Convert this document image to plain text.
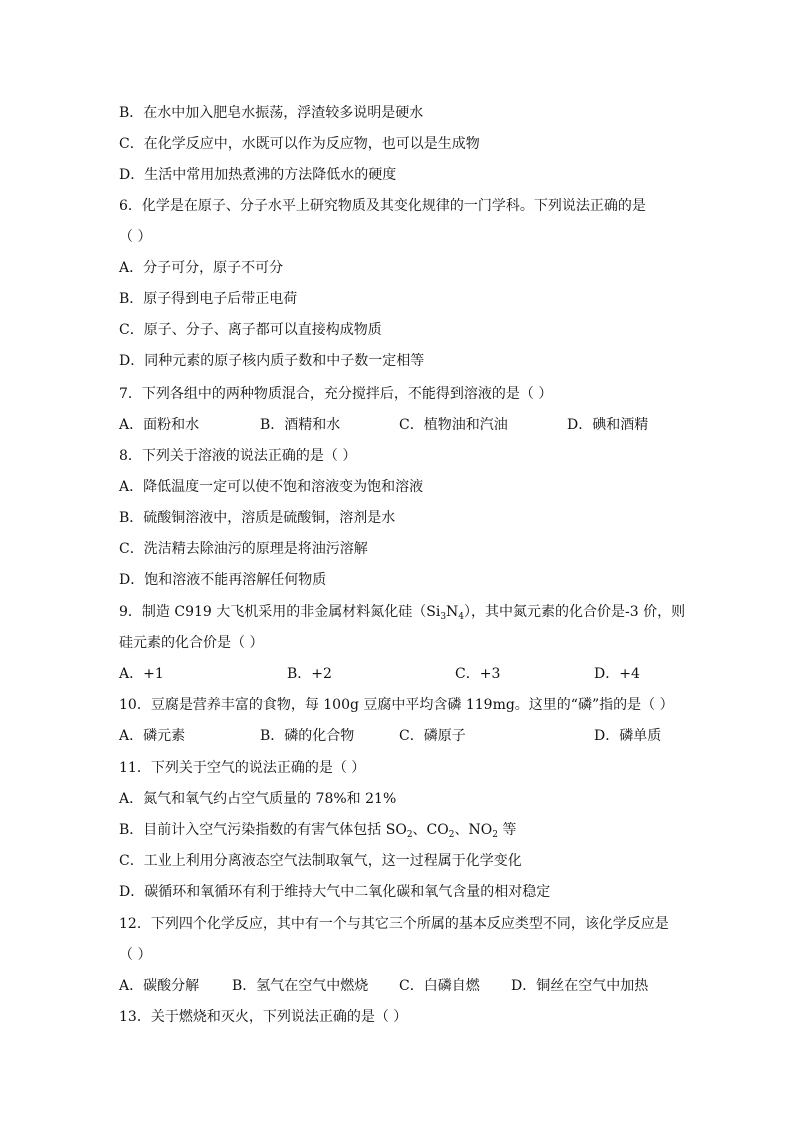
B．在水中加入肥皂水振荡，浮渣较多说明是硬水
C．在化学反应中，水既可以作为反应物，也可以是生成物
D．生活中常用加热煮沸的方法降低水的硬度
6．化学是在原子、分子水平上研究物质及其变化规律的一门学科。下列说法正确的是
（ ）
A．分子可分，原子不可分
B．原子得到电子后带正电荷
C．原子、分子、离子都可以直接构成物质
D．同种元素的原子核内质子数和中子数一定相等
7．下列各组中的两种物质混合，充分搅拌后，不能得到溶液的是（ ）
A．面粉和水	B．酒精和水	C．植物油和汽油	D．碘和酒精
8．下列关于溶液的说法正确的是（ ）
A．降低温度一定可以使不饱和溶液变为饱和溶液
B．硫酸铜溶液中，溶质是硫酸铜，溶剂是水
C．洗洁精去除油污的原理是将油污溶解
D．饱和溶液不能再溶解任何物质
9．制造 C919 大飞机采用的非金属材料氮化硅$(Si_3N_4)$，其中氮元素的化合价是-3 价，则
硅元素的化合价是（ ）
A．+1	B．+2	C．+3	D．+4
10．豆腐是营养丰富的食物，每 100g 豆腐中平均含磷 119mg。这里的“磷”指的是（ ）
A．磷元素	B．磷的化合物	C．磷原子	D．磷单质
11．下列关于空气的说法正确的是（ ）
A．氮气和氧气约占空气质量的 78%和 21%
B．目前计入空气污染指数的有害气体包括 $SO_2$、$CO_2$、$NO_2$ 等
C．工业上利用分离液态空气法制取氧气，这一过程属于化学变化
D．碳循环和氧循环有利于维持大气中二氧化碳和氧气含量的相对稳定
12．下列四个化学反应，其中有一个与其它三个所属的基本反应类型不同，该化学反应是
（ ）
A．碳酸分解 B．氢气在空气中燃烧 C．白磷自燃 D．铜丝在空气中加热
13．关于燃烧和灭火，下列说法正确的是（ ）
